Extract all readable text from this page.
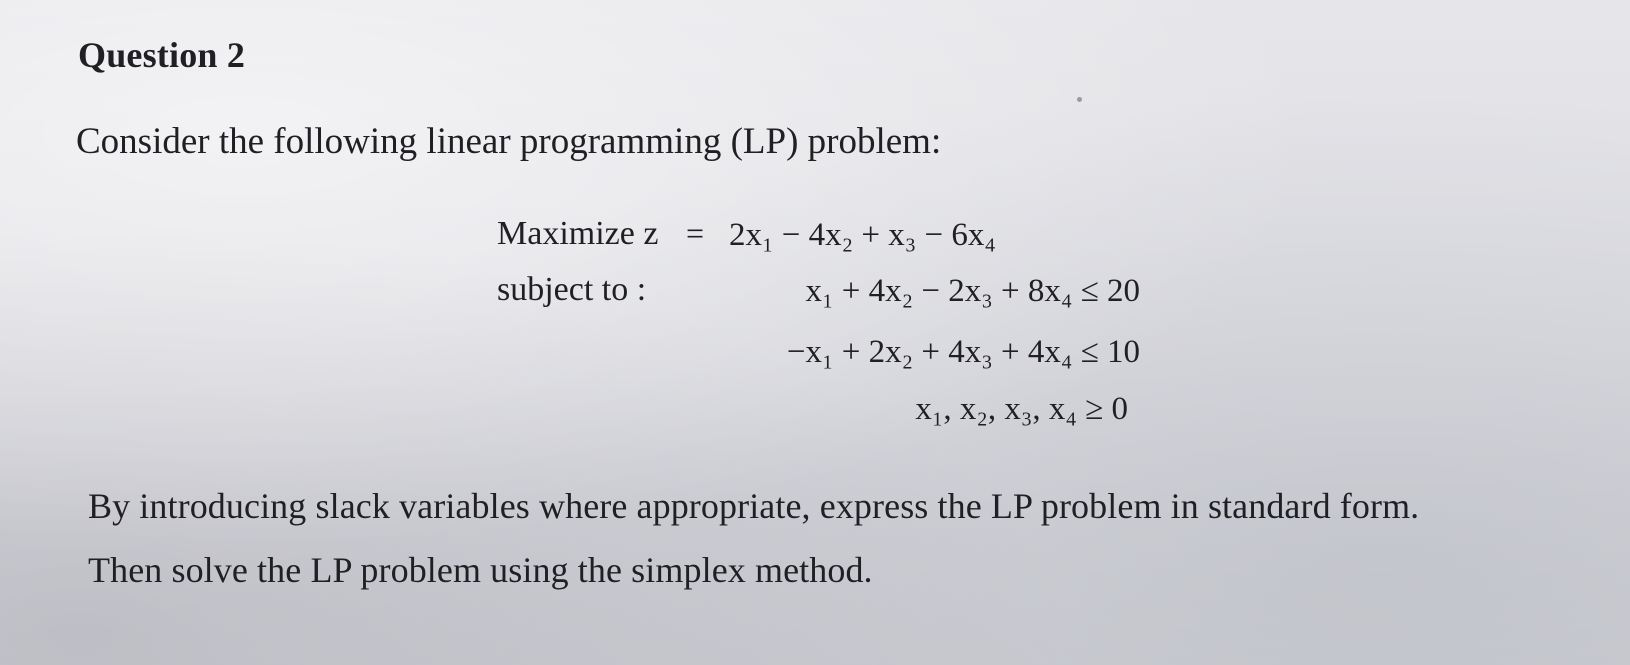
Question 2

Consider the following linear programming (LP) problem:

Maximize z = 2x₁ − 4x₂ + x₃ − 6x₄
subject to :	x₁ + 4x₂ − 2x₃ + 8x₄ ≤ 20
−x₁ + 2x₂ + 4x₃ + 4x₄ ≤ 10
x₁, x₂, x₃, x₄ ≥ 0

By introducing slack variables where appropriate, express the LP problem in standard form.
Then solve the LP problem using the simplex method.
